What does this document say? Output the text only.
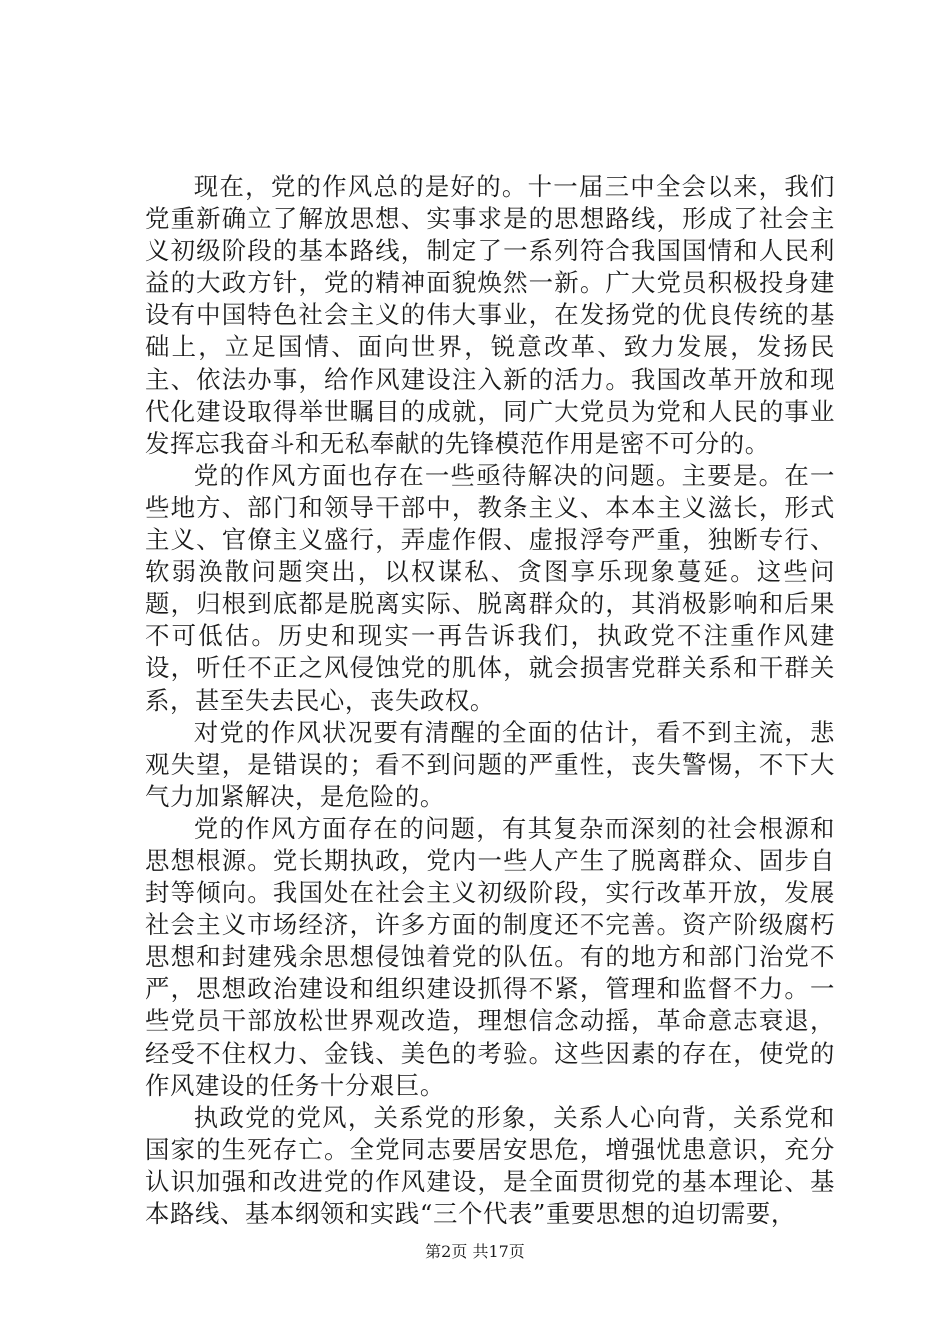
现在，党的作风总的是好的。十一届三中全会以来，我们党重新确立了解放思想、实事求是的思想路线，形成了社会主义初级阶段的基本路线，制定了一系列符合我国国情和人民利益的大政方针，党的精神面貌焕然一新。广大党员积极投身建设有中国特色社会主义的伟大事业，在发扬党的优良传统的基础上，立足国情、面向世界，锐意改革、致力发展，发扬民主、依法办事，给作风建设注入新的活力。我国改革开放和现代化建设取得举世瞩目的成就，同广大党员为党和人民的事业发挥忘我奋斗和无私奉献的先锋模范作用是密不可分的。

党的作风方面也存在一些亟待解决的问题。主要是。在一些地方、部门和领导干部中，教条主义、本本主义滋长，形式主义、官僚主义盛行，弄虚作假、虚报浮夸严重，独断专行、软弱涣散问题突出，以权谋私、贪图享乐现象蔓延。这些问题，归根到底都是脱离实际、脱离群众的，其消极影响和后果不可低估。历史和现实一再告诉我们，执政党不注重作风建设，听任不正之风侵蚀党的肌体，就会损害党群关系和干群关系，甚至失去民心，丧失政权。

对党的作风状况要有清醒的全面的估计，看不到主流，悲观失望，是错误的；看不到问题的严重性，丧失警惕，不下大气力加紧解决，是危险的。

党的作风方面存在的问题，有其复杂而深刻的社会根源和思想根源。党长期执政，党内一些人产生了脱离群众、固步自封等倾向。我国处在社会主义初级阶段，实行改革开放，发展社会主义市场经济，许多方面的制度还不完善。资产阶级腐朽思想和封建残余思想侵蚀着党的队伍。有的地方和部门治党不严，思想政治建设和组织建设抓得不紧，管理和监督不力。一些党员干部放松世界观改造，理想信念动摇，革命意志衰退，经受不住权力、金钱、美色的考验。这些因素的存在，使党的作风建设的任务十分艰巨。

执政党的党风，关系党的形象，关系人心向背，关系党和国家的生死存亡。全党同志要居安思危，增强忧患意识，充分认识加强和改进党的作风建设，是全面贯彻党的基本理论、基本路线、基本纲领和实践“三个代表”重要思想的迫切需要，

第2页 共17页
